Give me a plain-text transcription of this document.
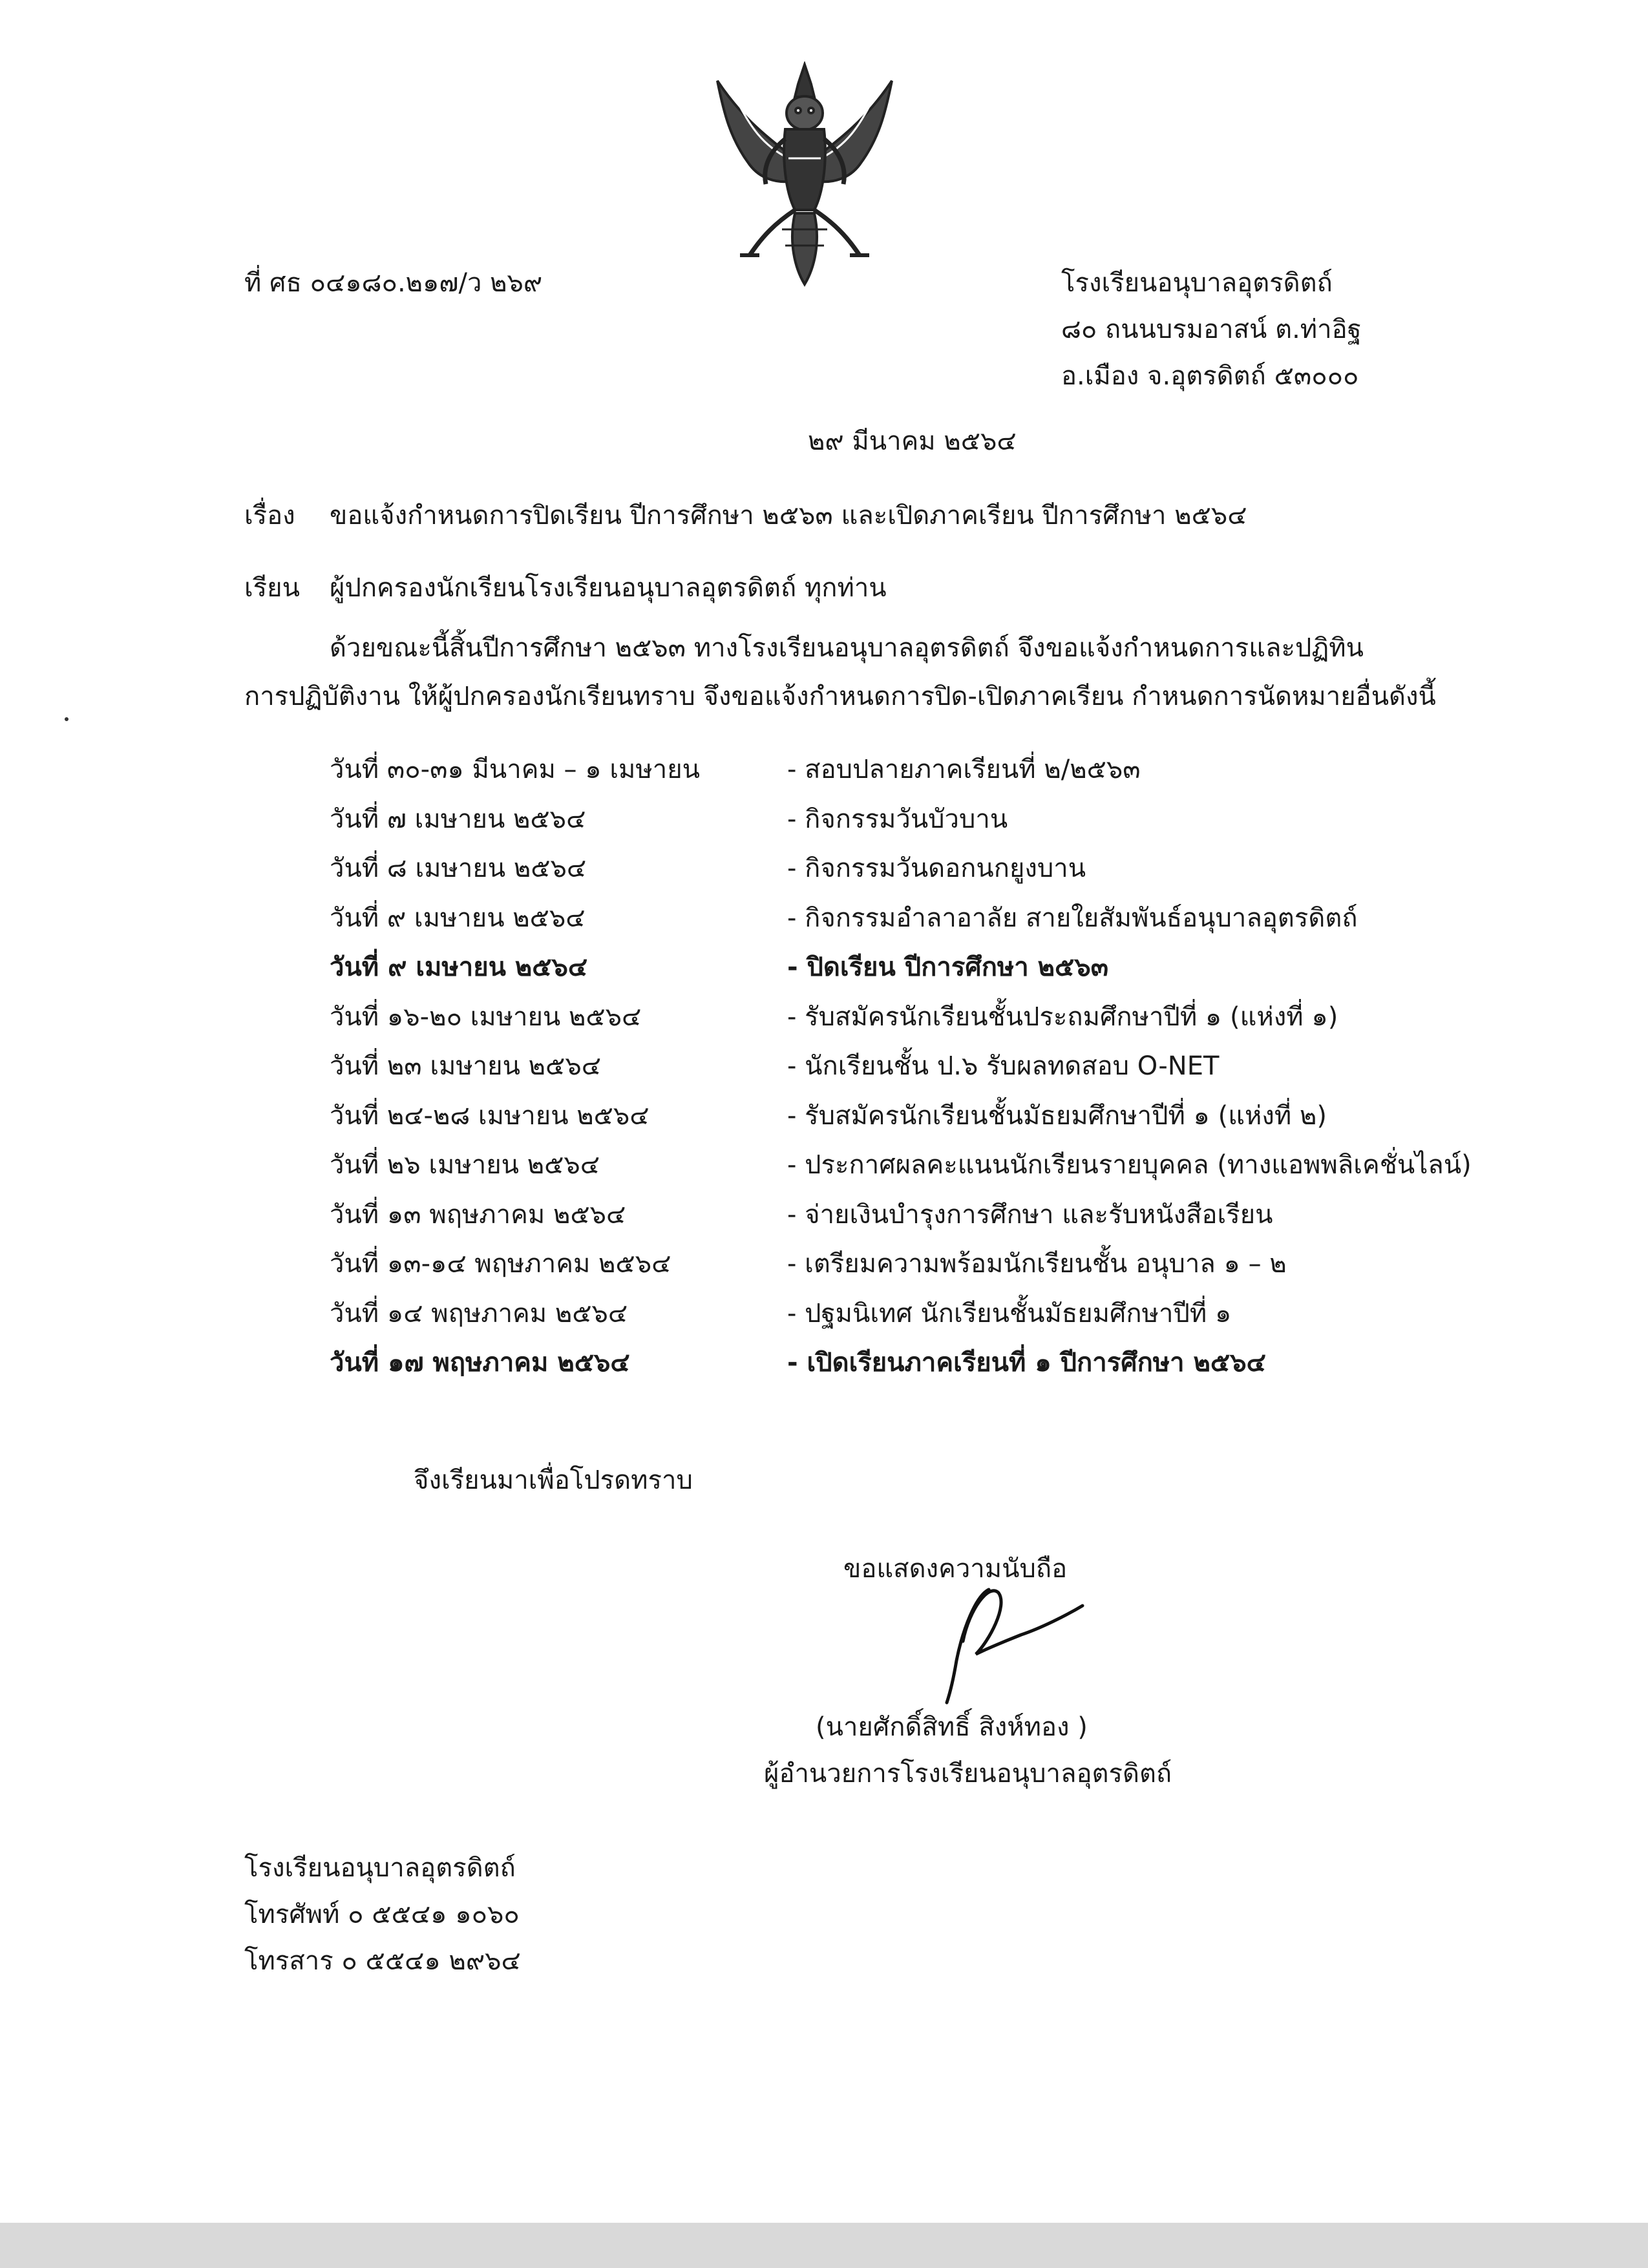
ที่ ศธ ๐๔๑๘๐.๒๑๗/ว ๒๖๙	โรงเรียนอนุบาลอุตรดิตถ์
๘๐ ถนนบรมอาสน์ ต.ท่าอิฐ
อ.เมือง จ.อุตรดิตถ์ ๕๓๐๐๐
๒๙ มีนาคม ๒๕๖๔
เรื่อง ขอแจ้งกำหนดการปิดเรียน ปีการศึกษา ๒๕๖๓ และเปิดภาคเรียน ปีการศึกษา ๒๕๖๔
เรียน ผู้ปกครองนักเรียนโรงเรียนอนุบาลอุตรดิตถ์ ทุกท่าน
ด้วยขณะนี้สิ้นปีการศึกษา ๒๕๖๓ ทางโรงเรียนอนุบาลอุตรดิตถ์ จึงขอแจ้งกำหนดการและปฏิทิน
การปฏิบัติงาน ให้ผู้ปกครองนักเรียนทราบ จึงขอแจ้งกำหนดการปิด-เปิดภาคเรียน กำหนดการนัดหมายอื่นดังนี้
วันที่ ๓๐-๓๑ มีนาคม – ๑ เมษายน	- สอบปลายภาคเรียนที่ ๒/๒๕๖๓
วันที่ ๗ เมษายน ๒๕๖๔	- กิจกรรมวันบัวบาน
วันที่ ๘ เมษายน ๒๕๖๔	- กิจกรรมวันดอกนกยูงบาน
วันที่ ๙ เมษายน ๒๕๖๔	- กิจกรรมอำลาอาลัย สายใยสัมพันธ์อนุบาลอุตรดิตถ์
วันที่ ๙ เมษายน ๒๕๖๔	- ปิดเรียน ปีการศึกษา ๒๕๖๓
วันที่ ๑๖-๒๐ เมษายน ๒๕๖๔	- รับสมัครนักเรียนชั้นประถมศึกษาปีที่ ๑ (แห่งที่ ๑)
วันที่ ๒๓ เมษายน ๒๕๖๔	- นักเรียนชั้น ป.๖ รับผลทดสอบ O-NET
วันที่ ๒๔-๒๘ เมษายน ๒๕๖๔	- รับสมัครนักเรียนชั้นมัธยมศึกษาปีที่ ๑ (แห่งที่ ๒)
วันที่ ๒๖ เมษายน ๒๕๖๔	- ประกาศผลคะแนนนักเรียนรายบุคคล (ทางแอพพลิเคชั่นไลน์)
วันที่ ๑๓ พฤษภาคม ๒๕๖๔	- จ่ายเงินบำรุงการศึกษา และรับหนังสือเรียน
วันที่ ๑๓-๑๔ พฤษภาคม ๒๕๖๔	- เตรียมความพร้อมนักเรียนชั้น อนุบาล ๑ – ๒
วันที่ ๑๔ พฤษภาคม ๒๕๖๔	- ปฐมนิเทศ นักเรียนชั้นมัธยมศึกษาปีที่ ๑
วันที่ ๑๗ พฤษภาคม ๒๕๖๔	- เปิดเรียนภาคเรียนที่ ๑ ปีการศึกษา ๒๕๖๔
จึงเรียนมาเพื่อโปรดทราบ
ขอแสดงความนับถือ
(นายศักดิ์สิทธิ์ สิงห์ทอง )
ผู้อำนวยการโรงเรียนอนุบาลอุตรดิตถ์
โรงเรียนอนุบาลอุตรดิตถ์
โทรศัพท์ ๐ ๕๕๔๑ ๑๐๖๐
โทรสาร ๐ ๕๕๔๑ ๒๙๖๔
